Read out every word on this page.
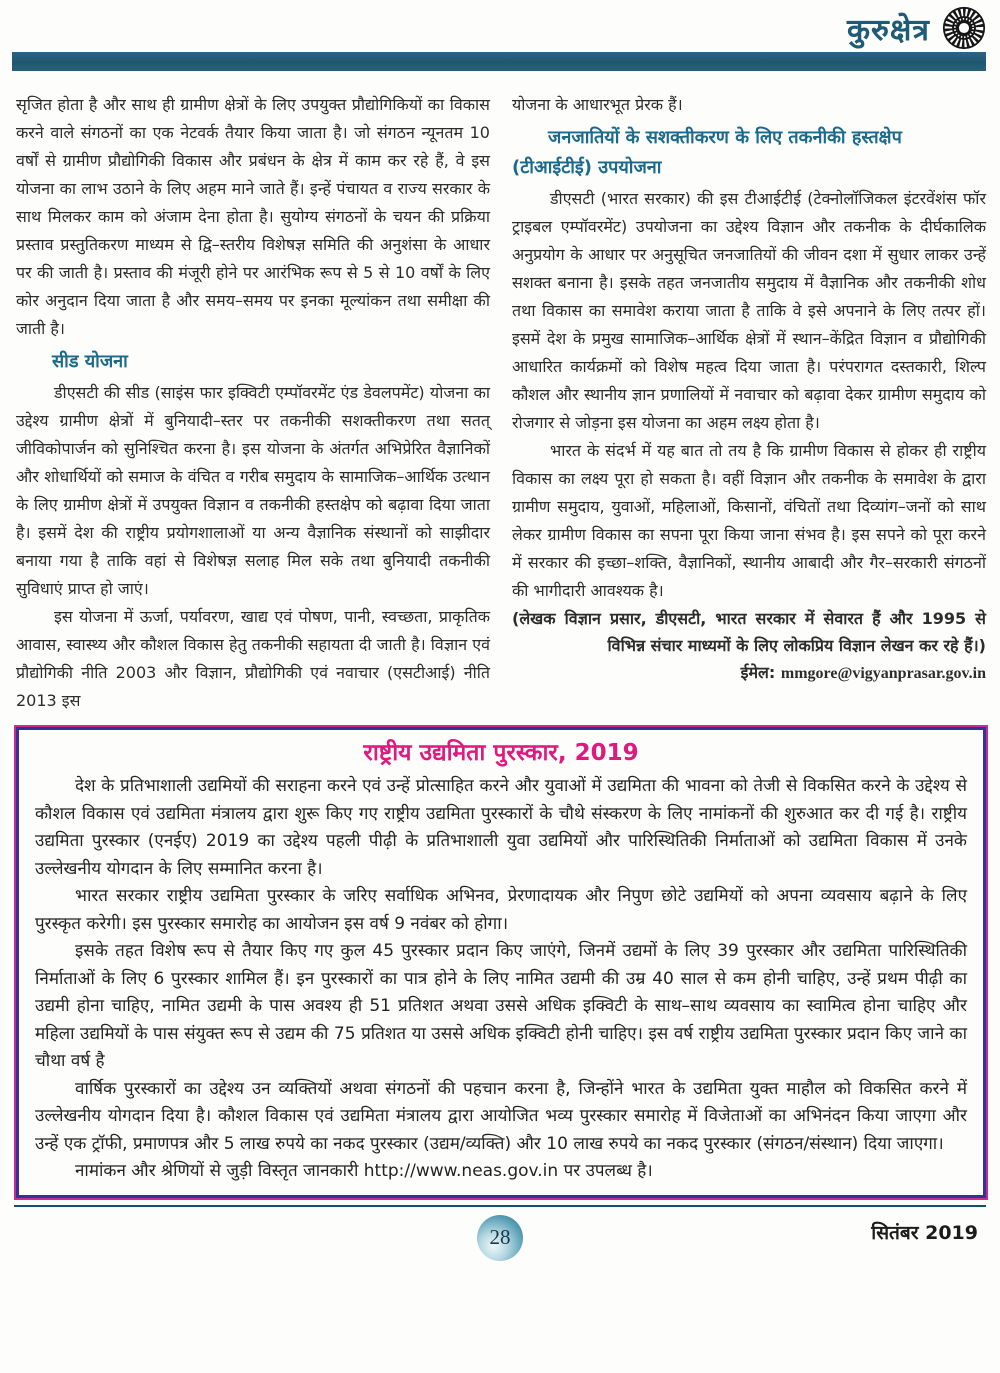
कुरुक्षेत्र

सृजित होता है और साथ ही ग्रामीण क्षेत्रों के लिए उपयुक्त प्रौद्योगिकियों का विकास करने वाले संगठनों का एक नेटवर्क तैयार किया जाता है। जो संगठन न्यूनतम 10 वर्षों से ग्रामीण प्रौद्योगिकी विकास और प्रबंधन के क्षेत्र में काम कर रहे हैं, वे इस योजना का लाभ उठाने के लिए अहम माने जाते हैं। इन्हें पंचायत व राज्य सरकार के साथ मिलकर काम को अंजाम देना होता है। सुयोग्य संगठनों के चयन की प्रक्रिया प्रस्ताव प्रस्तुतिकरण माध्यम से द्वि–स्तरीय विशेषज्ञ समिति की अनुशंसा के आधार पर की जाती है। प्रस्ताव की मंजूरी होने पर आरंभिक रूप से 5 से 10 वर्षों के लिए कोर अनुदान दिया जाता है और समय–समय पर इनका मूल्यांकन तथा समीक्षा की जाती है।

सीड योजना

डीएसटी की सीड (साइंस फार इक्विटी एम्पॉवरमेंट एंड डेवलपमेंट) योजना का उद्देश्य ग्रामीण क्षेत्रों में बुनियादी–स्तर पर तकनीकी सशक्तीकरण तथा सतत् जीविकोपार्जन को सुनिश्चित करना है। इस योजना के अंतर्गत अभिप्रेरित वैज्ञानिकों और शोधार्थियों को समाज के वंचित व गरीब समुदाय के सामाजिक–आर्थिक उत्थान के लिए ग्रामीण क्षेत्रों में उपयुक्त विज्ञान व तकनीकी हस्तक्षेप को बढ़ावा दिया जाता है। इसमें देश की राष्ट्रीय प्रयोगशालाओं या अन्य वैज्ञानिक संस्थानों को साझीदार बनाया गया है ताकि वहां से विशेषज्ञ सलाह मिल सके तथा बुनियादी तकनीकी सुविधाएं प्राप्त हो जाएं।

इस योजना में ऊर्जा, पर्यावरण, खाद्य एवं पोषण, पानी, स्वच्छता, प्राकृतिक आवास, स्वास्थ्य और कौशल विकास हेतु तकनीकी सहायता दी जाती है। विज्ञान एवं प्रौद्योगिकी नीति 2003 और विज्ञान, प्रौद्योगिकी एवं नवाचार (एसटीआई) नीति 2013 इस

योजना के आधारभूत प्रेरक हैं।

जनजातियों के सशक्तीकरण के लिए तकनीकी हस्तक्षेप (टीआईटीई) उपयोजना

डीएसटी (भारत सरकार) की इस टीआईटीई (टेक्नोलॉजिकल इंटरवेंशंस फॉर ट्राइबल एम्पॉवरमेंट) उपयोजना का उद्देश्य विज्ञान और तकनीक के दीर्घकालिक अनुप्रयोग के आधार पर अनुसूचित जनजातियों की जीवन दशा में सुधार लाकर उन्हें सशक्त बनाना है। इसके तहत जनजातीय समुदाय में वैज्ञानिक और तकनीकी शोध तथा विकास का समावेश कराया जाता है ताकि वे इसे अपनाने के लिए तत्पर हों। इसमें देश के प्रमुख सामाजिक–आर्थिक क्षेत्रों में स्थान–केंद्रित विज्ञान व प्रौद्योगिकी आधारित कार्यक्रमों को विशेष महत्व दिया जाता है। परंपरागत दस्तकारी, शिल्प कौशल और स्थानीय ज्ञान प्रणालियों में नवाचार को बढ़ावा देकर ग्रामीण समुदाय को रोजगार से जोड़ना इस योजना का अहम लक्ष्य होता है।

भारत के संदर्भ में यह बात तो तय है कि ग्रामीण विकास से होकर ही राष्ट्रीय विकास का लक्ष्य पूरा हो सकता है। वहीं विज्ञान और तकनीक के समावेश के द्वारा ग्रामीण समुदाय, युवाओं, महिलाओं, किसानों, वंचितों तथा दिव्यांग–जनों को साथ लेकर ग्रामीण विकास का सपना पूरा किया जाना संभव है। इस सपने को पूरा करने में सरकार की इच्छा–शक्ति, वैज्ञानिकों, स्थानीय आबादी और गैर–सरकारी संगठनों की भागीदारी आवश्यक है।

(लेखक विज्ञान प्रसार, डीएसटी, भारत सरकार में सेवारत हैं और 1995 से विभिन्न संचार माध्यमों के लिए लोकप्रिय विज्ञान लेखन कर रहे हैं।)

ईमेल: mmgore@vigyanprasar.gov.in

राष्ट्रीय उद्यमिता पुरस्कार, 2019

देश के प्रतिभाशाली उद्यमियों की सराहना करने एवं उन्हें प्रोत्साहित करने और युवाओं में उद्यमिता की भावना को तेजी से विकसित करने के उद्देश्य से कौशल विकास एवं उद्यमिता मंत्रालय द्वारा शुरू किए गए राष्ट्रीय उद्यमिता पुरस्कारों के चौथे संस्करण के लिए नामांकनों की शुरुआत कर दी गई है। राष्ट्रीय उद्यमिता पुरस्कार (एनईए) 2019 का उद्देश्य पहली पीढ़ी के प्रतिभाशाली युवा उद्यमियों और पारिस्थितिकी निर्माताओं को उद्यमिता विकास में उनके उल्लेखनीय योगदान के लिए सम्मानित करना है।

भारत सरकार राष्ट्रीय उद्यमिता पुरस्कार के जरिए सर्वाधिक अभिनव, प्रेरणादायक और निपुण छोटे उद्यमियों को अपना व्यवसाय बढ़ाने के लिए पुरस्कृत करेगी। इस पुरस्कार समारोह का आयोजन इस वर्ष 9 नवंबर को होगा।

इसके तहत विशेष रूप से तैयार किए गए कुल 45 पुरस्कार प्रदान किए जाएंगे, जिनमें उद्यमों के लिए 39 पुरस्कार और उद्यमिता पारिस्थितिकी निर्माताओं के लिए 6 पुरस्कार शामिल हैं। इन पुरस्कारों का पात्र होने के लिए नामित उद्यमी की उम्र 40 साल से कम होनी चाहिए, उन्हें प्रथम पीढ़ी का उद्यमी होना चाहिए, नामित उद्यमी के पास अवश्य ही 51 प्रतिशत अथवा उससे अधिक इक्विटी के साथ–साथ व्यवसाय का स्वामित्व होना चाहिए और महिला उद्यमियों के पास संयुक्त रूप से उद्यम की 75 प्रतिशत या उससे अधिक इक्विटी होनी चाहिए। इस वर्ष राष्ट्रीय उद्यमिता पुरस्कार प्रदान किए जाने का चौथा वर्ष है

वार्षिक पुरस्कारों का उद्देश्य उन व्यक्तियों अथवा संगठनों की पहचान करना है, जिन्होंने भारत के उद्यमिता युक्त माहौल को विकसित करने में उल्लेखनीय योगदान दिया है। कौशल विकास एवं उद्यमिता मंत्रालय द्वारा आयोजित भव्य पुरस्कार समारोह में विजेताओं का अभिनंदन किया जाएगा और उन्हें एक ट्रॉफी, प्रमाणपत्र और 5 लाख रुपये का नकद पुरस्कार (उद्यम/व्यक्ति) और 10 लाख रुपये का नकद पुरस्कार (संगठन/संस्थान) दिया जाएगा।

नामांकन और श्रेणियों से जुड़ी विस्तृत जानकारी http://www.neas.gov.in पर उपलब्ध है।

28	सितंबर 2019
